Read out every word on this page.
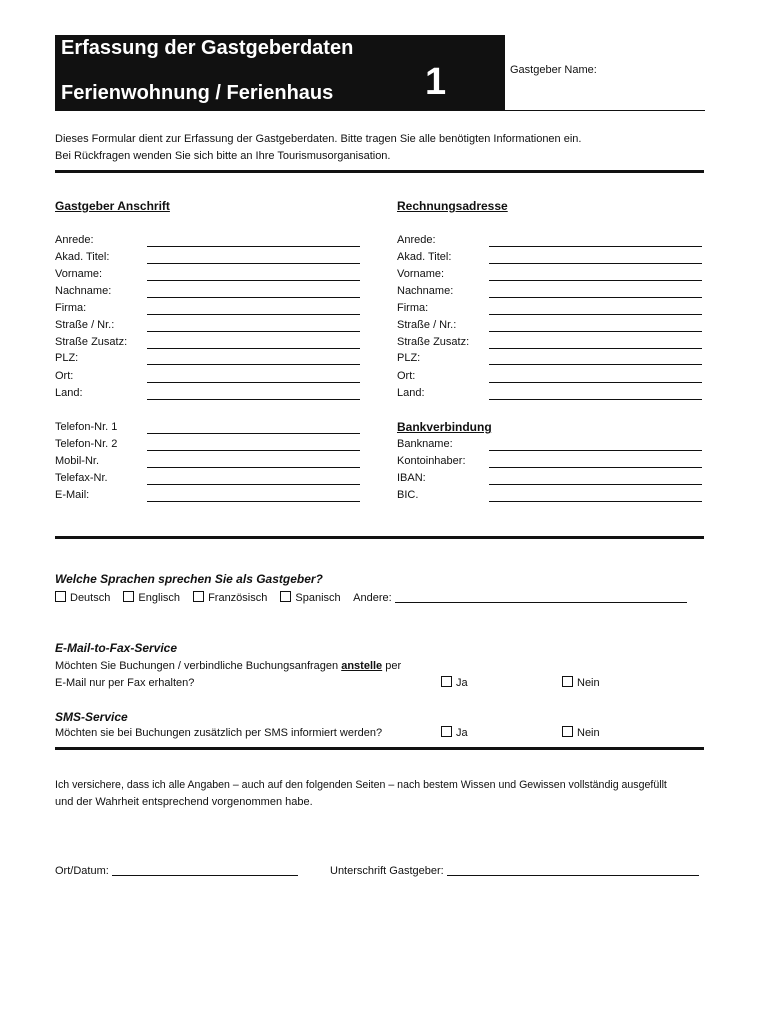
Erfassung der Gastgeberdaten
Ferienwohnung / Ferienhaus 1	Gastgeber Name:
Dieses Formular dient zur Erfassung der Gastgeberdaten. Bitte tragen Sie alle benötigten Informationen ein.
Bei Rückfragen wenden Sie sich bitte an Ihre Tourismusorganisation.
Gastgeber Anschrift	Rechnungsadresse
Anrede:
Akad. Titel:
Vorname:
Nachname:
Firma:
Straße / Nr.:
Straße Zusatz:
PLZ:
Ort:
Land:
Anrede:
Akad. Titel:
Vorname:
Nachname:
Firma:
Straße / Nr.:
Straße Zusatz:
PLZ:
Ort:
Land:
Telefon-Nr. 1
Telefon-Nr. 2
Mobil-Nr.
Telefax-Nr.
E-Mail:
Bankverbindung
Bankname:
Kontoinhaber:
IBAN:
BIC.
Welche Sprachen sprechen Sie als Gastgeber?
Deutsch	Englisch	Französisch	Spanisch Andere:
E-Mail-to-Fax-Service
Möchten Sie Buchungen / verbindliche Buchungsanfragen anstelle per
E-Mail nur per Fax erhalten?	Ja	Nein
SMS-Service
Möchten sie bei Buchungen zusätzlich per SMS informiert werden?	Ja	Nein
Ich versichere, dass ich alle Angaben – auch auf den folgenden Seiten – nach bestem Wissen und Gewissen vollständig ausgefüllt
und der Wahrheit entsprechend vorgenommen habe.
Ort/Datum:	Unterschrift Gastgeber:
